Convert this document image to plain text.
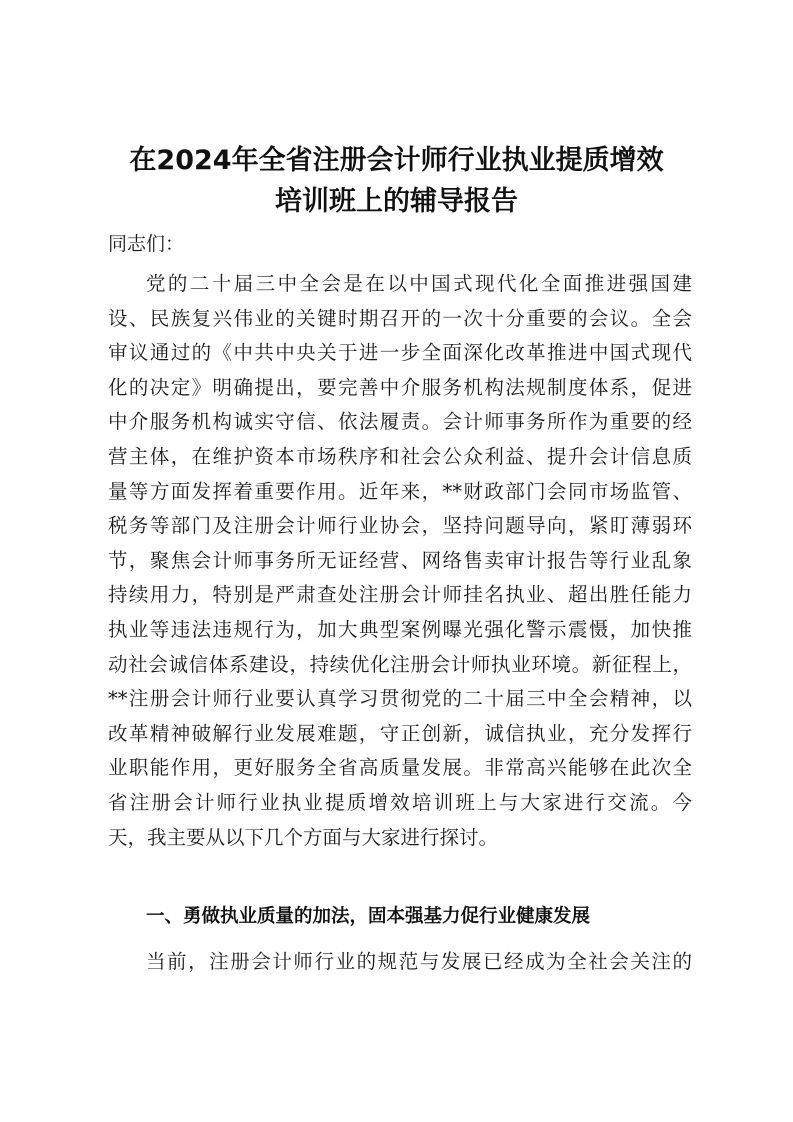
在2024年全省注册会计师行业执业提质增效
培训班上的辅导报告
同志们：
党的二十届三中全会是在以中国式现代化全面推进强国建
设、民族复兴伟业的关键时期召开的一次十分重要的会议。全会
审议通过的《中共中央关于进一步全面深化改革推进中国式现代
化的决定》明确提出，要完善中介服务机构法规制度体系，促进
中介服务机构诚实守信、依法履责。会计师事务所作为重要的经
营主体，在维护资本市场秩序和社会公众利益、提升会计信息质
量等方面发挥着重要作用。近年来，**财政部门会同市场监管、
税务等部门及注册会计师行业协会，坚持问题导向，紧盯薄弱环
节，聚焦会计师事务所无证经营、网络售卖审计报告等行业乱象
持续用力，特别是严肃查处注册会计师挂名执业、超出胜任能力
执业等违法违规行为，加大典型案例曝光强化警示震慑，加快推
动社会诚信体系建设，持续优化注册会计师执业环境。新征程上，
**注册会计师行业要认真学习贯彻党的二十届三中全会精神，以
改革精神破解行业发展难题，守正创新，诚信执业，充分发挥行
业职能作用，更好服务全省高质量发展。非常高兴能够在此次全
省注册会计师行业执业提质增效培训班上与大家进行交流。今
天，我主要从以下几个方面与大家进行探讨。
一、勇做执业质量的加法，固本强基力促行业健康发展
当前，注册会计师行业的规范与发展已经成为全社会关注的
